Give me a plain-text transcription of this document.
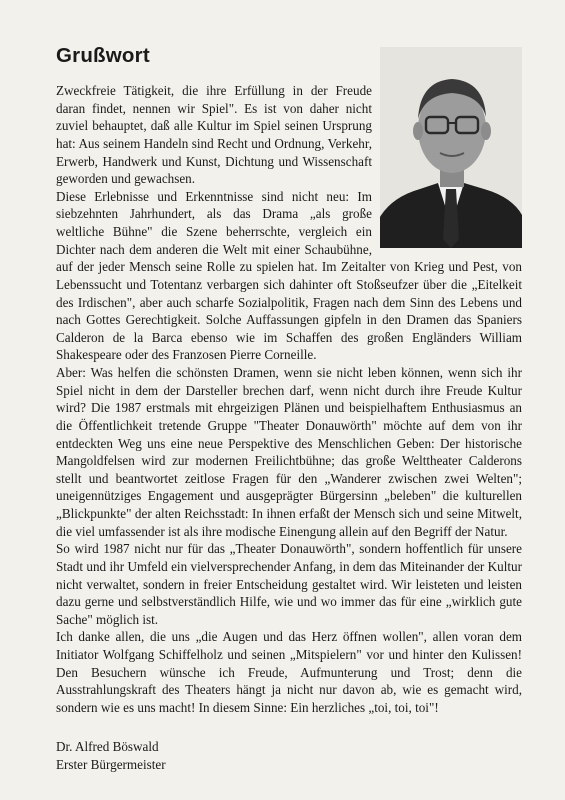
Grußwort

Zweckfreie Tätigkeit, die ihre Erfüllung in der Freude daran findet, nennen wir Spiel". Es ist von daher nicht zuviel behauptet, daß alle Kultur im Spiel seinen Ursprung hat: Aus seinem Handeln sind Recht und Ordnung, Verkehr, Erwerb, Handwerk und Kunst, Dichtung und Wissenschaft geworden und gewachsen.

Diese Erlebnisse und Erkenntnisse sind nicht neu: Im siebzehnten Jahrhundert, als das Drama „als große weltliche Bühne" die Szene beherrschte, vergleich ein Dichter nach dem anderen die Welt mit einer Schaubühne, auf der jeder Mensch seine Rolle zu spielen hat. Im Zeitalter von Krieg und Pest, von Lebenssucht und Totentanz verbargen sich dahinter oft Stoßseufzer über die „Eitelkeit des Irdischen", aber auch scharfe Sozialpolitik, Fragen nach dem Sinn des Lebens und nach Gottes Gerechtigkeit. Solche Auffassungen gipfeln in den Dramen das Spaniers Calderon de la Barca ebenso wie im Schaffen des großen Engländers William Shakespeare oder des Franzosen Pierre Corneille.

Aber: Was helfen die schönsten Dramen, wenn sie nicht leben können, wenn sich ihr Spiel nicht in dem der Darsteller brechen darf, wenn nicht durch ihre Freude Kultur wird? Die 1987 erstmals mit ehrgeizigen Plänen und beispielhaftem Enthusiasmus an die Öffentlichkeit tretende Gruppe "Theater Donauwörth" möchte auf dem von ihr entdeckten Weg uns eine neue Perspektive des Menschlichen Geben: Der historische Mangoldfelsen wird zur modernen Freilichtbühne; das große Welttheater Calderons stellt und beantwortet zeitlose Fragen für den „Wanderer zwischen zwei Welten"; uneigennütziges Engagement und ausgeprägter Bürgersinn „beleben" die kulturellen „Blickpunkte" der alten Reichsstadt: In ihnen erfaßt der Mensch sich und seine Mitwelt, die viel umfassender ist als ihre modische Einengung allein auf den Begriff der Natur.

So wird 1987 nicht nur für das „Theater Donauwörth", sondern hoffentlich für unsere Stadt und ihr Umfeld ein vielversprechender Anfang, in dem das Miteinander der Kultur nicht verwaltet, sondern in freier Entscheidung gestaltet wird. Wir leisteten und leisten dazu gerne und selbstverständlich Hilfe, wie und wo immer das für eine „wirklich gute Sache" möglich ist.

Ich danke allen, die uns „die Augen und das Herz öffnen wollen", allen voran dem Initiator Wolfgang Schiffelholz und seinen „Mitspielern" vor und hinter den Kulissen! Den Besuchern wünsche ich Freude, Aufmunterung und Trost; denn die Ausstrahlungskraft des Theaters hängt ja nicht nur davon ab, wie es gemacht wird, sondern wie es uns macht! In diesem Sinne: Ein herzliches „toi, toi, toi"!

Dr. Alfred Böswald
Erster Bürgermeister
